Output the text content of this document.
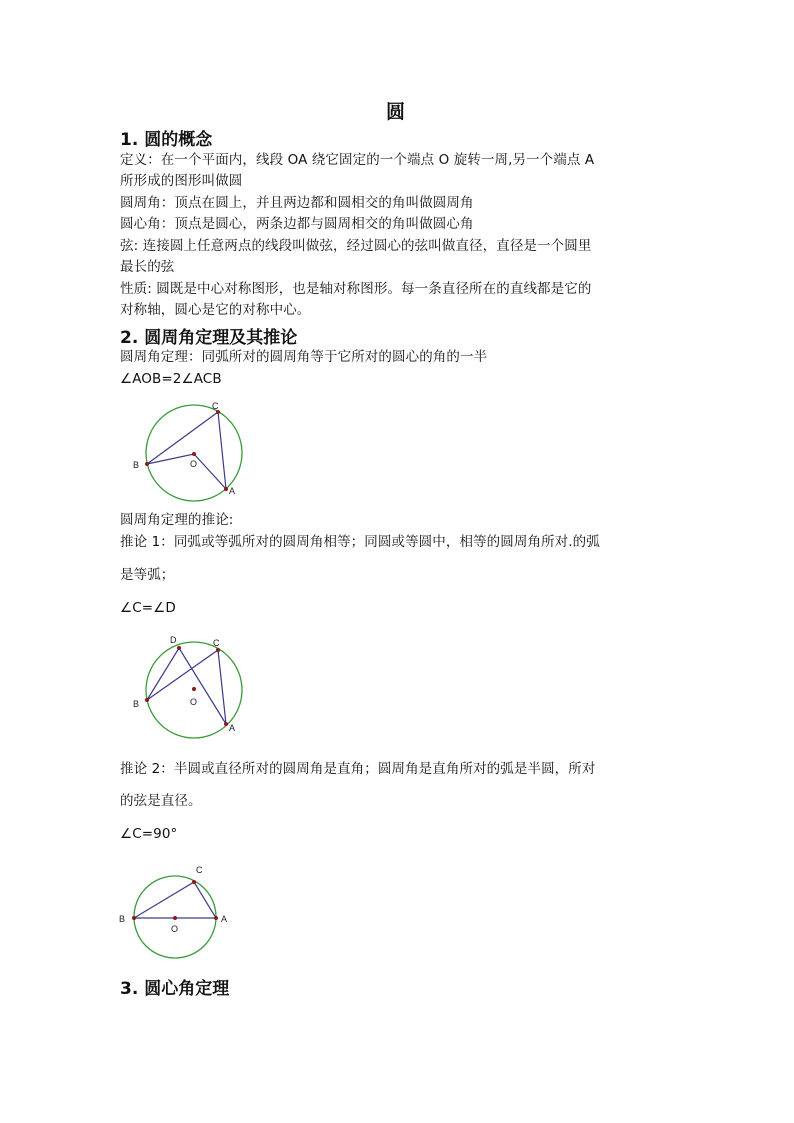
圆
1. 圆的概念
定义：在一个平面内，线段 OA 绕它固定的一个端点 O 旋转一周,另一个端点 A
所形成的图形叫做圆
圆周角：顶点在圆上，并且两边都和圆相交的角叫做圆周角
圆心角：顶点是圆心，两条边都与圆周相交的角叫做圆心角
弦: 连接圆上任意两点的线段叫做弦，经过圆心的弦叫做直径，直径是一个圆里
最长的弦
性质: 圆既是中心对称图形，也是轴对称图形。每一条直径所在的直线都是它的
对称轴，圆心是它的对称中心。
2. 圆周角定理及其推论
圆周角定理：同弧所对的圆周角等于它所对的圆心的角的一半
∠AOB=2∠ACB
C
B	O
A
圆周角定理的推论:
推论 1：同弧或等弧所对的圆周角相等；同圆或等圆中，相等的圆周角所对.的弧
是等弧；
∠C=∠D
D	C
B	O
A
推论 2：半圆或直径所对的圆周角是直角；圆周角是直角所对的弧是半圆，所对
的弦是直径。
∠C=90°
C
B
O
A
3. 圆心角定理
